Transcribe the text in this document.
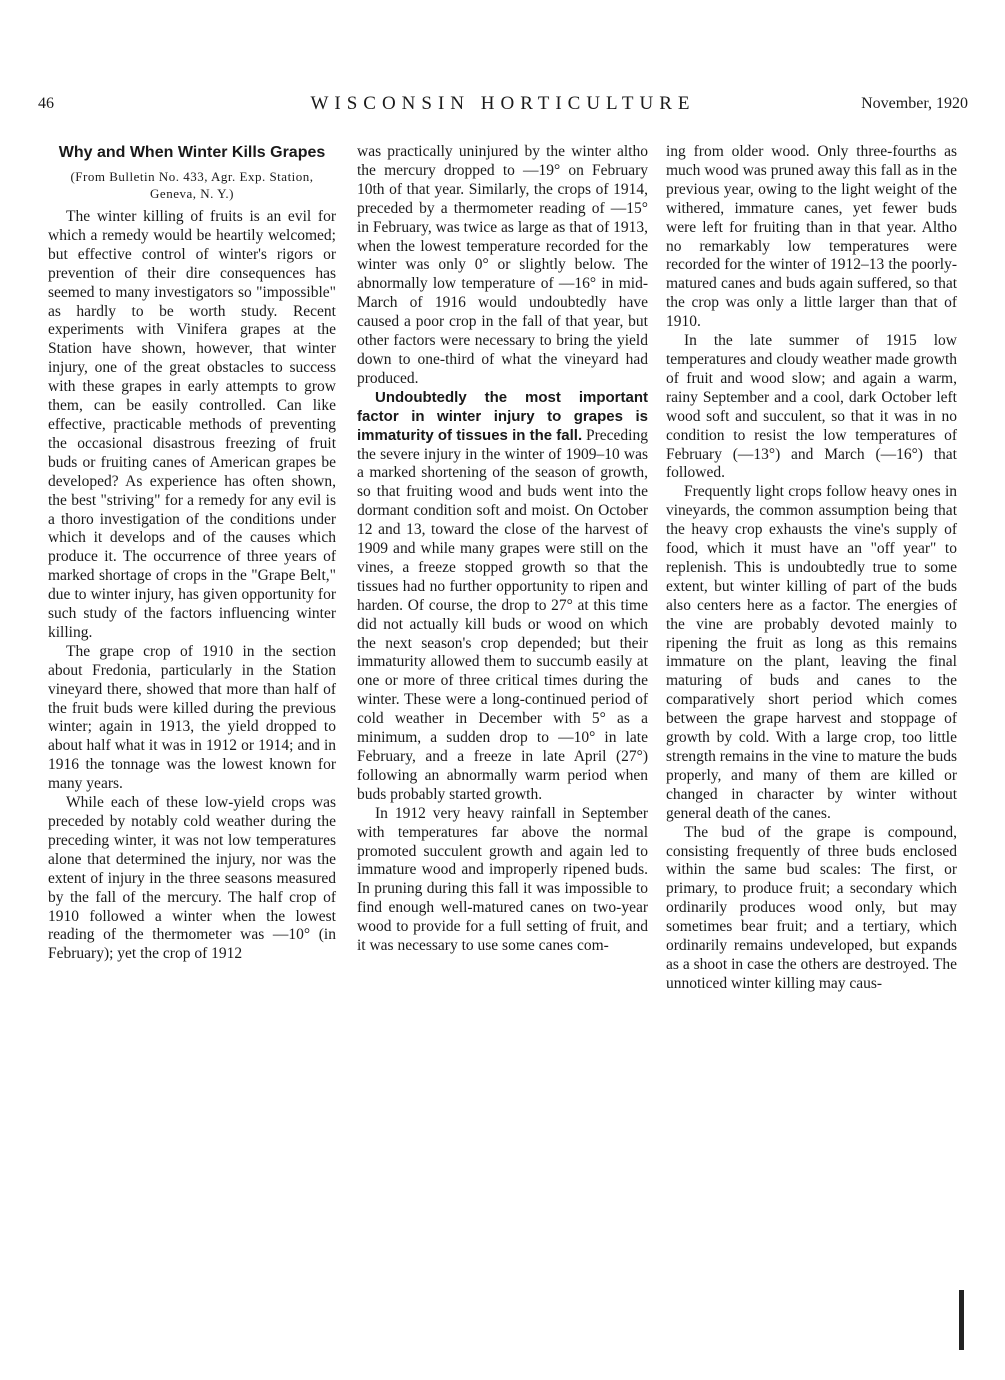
46	WISCONSIN HORTICULTURE	November, 1920
Why and When Winter Kills Grapes
(From Bulletin No. 433, Agr. Exp. Station, Geneva, N. Y.)

The winter killing of fruits is an evil for which a remedy would be heartily welcomed; but effective control of winter's rigors or prevention of their dire consequences has seemed to many investigators so "impossible" as hardly to be worth study. Recent experiments with Vinifera grapes at the Station have shown, however, that winter injury, one of the great obstacles to success with these grapes in early attempts to grow them, can be easily controlled. Can like effective, practicable methods of preventing the occasional disastrous freezing of fruit buds or fruiting canes of American grapes be developed? As experience has often shown, the best "striving" for a remedy for any evil is a thoro investigation of the conditions under which it develops and of the causes which produce it. The occurrence of three years of marked shortage of crops in the "Grape Belt," due to winter injury, has given opportunity for such study of the factors influencing winter killing.

The grape crop of 1910 in the section about Fredonia, particularly in the Station vineyard there, showed that more than half of the fruit buds were killed during the previous winter; again in 1913, the yield dropped to about half what it was in 1912 or 1914; and in 1916 the tonnage was the lowest known for many years.

While each of these low-yield crops was preceded by notably cold weather during the preceding winter, it was not low temperatures alone that determined the injury, nor was the extent of injury in the three seasons measured by the fall of the mercury. The half crop of 1910 followed a winter when the lowest reading of the thermometer was —10° (in February); yet the crop of 1912

was practically uninjured by the winter altho the mercury dropped to —19° on February 10th of that year. Similarly, the crops of 1914, preceded by a thermometer reading of —15° in February, was twice as large as that of 1913, when the lowest temperature recorded for the winter was only 0° or slightly below. The abnormally low temperature of —16° in mid-March of 1916 would undoubtedly have caused a poor crop in the fall of that year, but other factors were necessary to bring the yield down to one-third of what the vineyard had produced.

Undoubtedly the most important factor in winter injury to grapes is immaturity of tissues in the fall. Preceding the severe injury in the winter of 1909–10 was a marked shortening of the season of growth, so that fruiting wood and buds went into the dormant condition soft and moist. On October 12 and 13, toward the close of the harvest of 1909 and while many grapes were still on the vines, a freeze stopped growth so that the tissues had no further opportunity to ripen and harden. Of course, the drop to 27° at this time did not actually kill buds or wood on which the next season's crop depended; but their immaturity allowed them to succumb easily at one or more of three critical times during the winter. These were a long-continued period of cold weather in December with 5° as a minimum, a sudden drop to —10° in late February, and a freeze in late April (27°) following an abnormally warm period when buds probably started growth.

In 1912 very heavy rainfall in September with temperatures far above the normal promoted succulent growth and again led to immature wood and improperly ripened buds. In pruning during this fall it was impossible to find enough well-matured canes on two-year wood to provide for a full setting of fruit, and it was necessary to use some canes com-

ing from older wood. Only three-fourths as much wood was pruned away this fall as in the previous year, owing to the light weight of the withered, immature canes, yet fewer buds were left for fruiting than in that year. Altho no remarkably low temperatures were recorded for the winter of 1912–13 the poorly-matured canes and buds again suffered, so that the crop was only a little larger than that of 1910.

In the late summer of 1915 low temperatures and cloudy weather made growth of fruit and wood slow; and again a warm, rainy September and a cool, dark October left wood soft and succulent, so that it was in no condition to resist the low temperatures of February (—13°) and March (—16°) that followed.

Frequently light crops follow heavy ones in vineyards, the common assumption being that the heavy crop exhausts the vine's supply of food, which it must have an "off year" to replenish. This is undoubtedly true to some extent, but winter killing of part of the buds also centers here as a factor. The energies of the vine are probably devoted mainly to ripening the fruit as long as this remains immature on the plant, leaving the final maturing of buds and canes to the comparatively short period which comes between the grape harvest and stoppage of growth by cold. With a large crop, too little strength remains in the vine to mature the buds properly, and many of them are killed or changed in character by winter without general death of the canes.

The bud of the grape is compound, consisting frequently of three buds enclosed within the same bud scales: The first, or primary, to produce fruit; a secondary which ordinarily produces wood only, but may sometimes bear fruit; and a tertiary, which ordinarily remains undeveloped, but expands as a shoot in case the others are destroyed. The unnoticed winter killing may caus-
